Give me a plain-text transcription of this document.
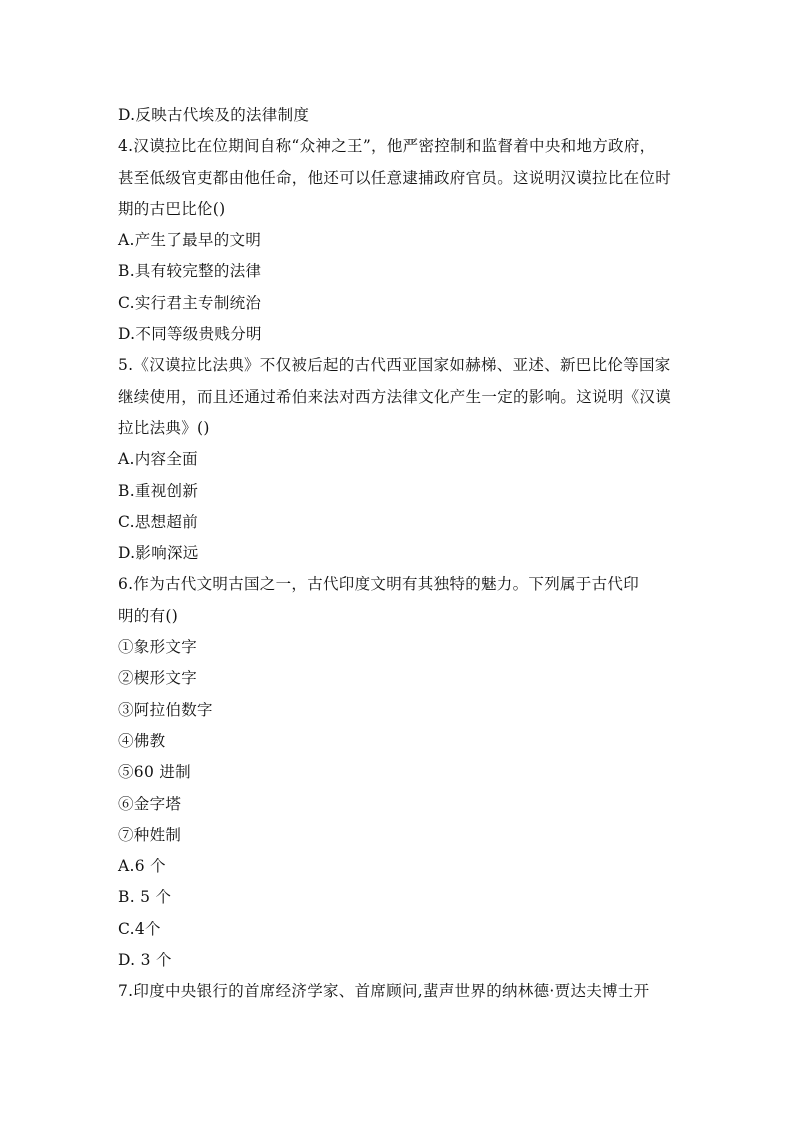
D.反映古代埃及的法律制度
4.汉谟拉比在位期间自称“众神之王”，他严密控制和监督着中央和地方政府，
甚至低级官吏都由他任命，他还可以任意逮捕政府官员。这说明汉谟拉比在位时
期的古巴比伦()
A.产生了最早的文明
B.具有较完整的法律
C.实行君主专制统治
D.不同等级贵贱分明
5.《汉谟拉比法典》不仅被后起的古代西亚国家如赫梯、亚述、新巴比伦等国家
继续使用，而且还通过希伯来法对西方法律文化产生一定的影响。这说明《汉谟
拉比法典》()
A.内容全面
B.重视创新
C.思想超前
D.影响深远
6.作为古代文明古国之一，古代印度文明有其独特的魅力。下列属于古代印
明的有()
①象形文字
②楔形文字
③阿拉伯数字
④佛教
⑤60 进制
⑥金字塔
⑦种姓制
A.6 个
B. 5 个
C.4个
D. 3 个
7.印度中央银行的首席经济学家、首席顾问,蜚声世界的纳林德·贾达夫博士开
